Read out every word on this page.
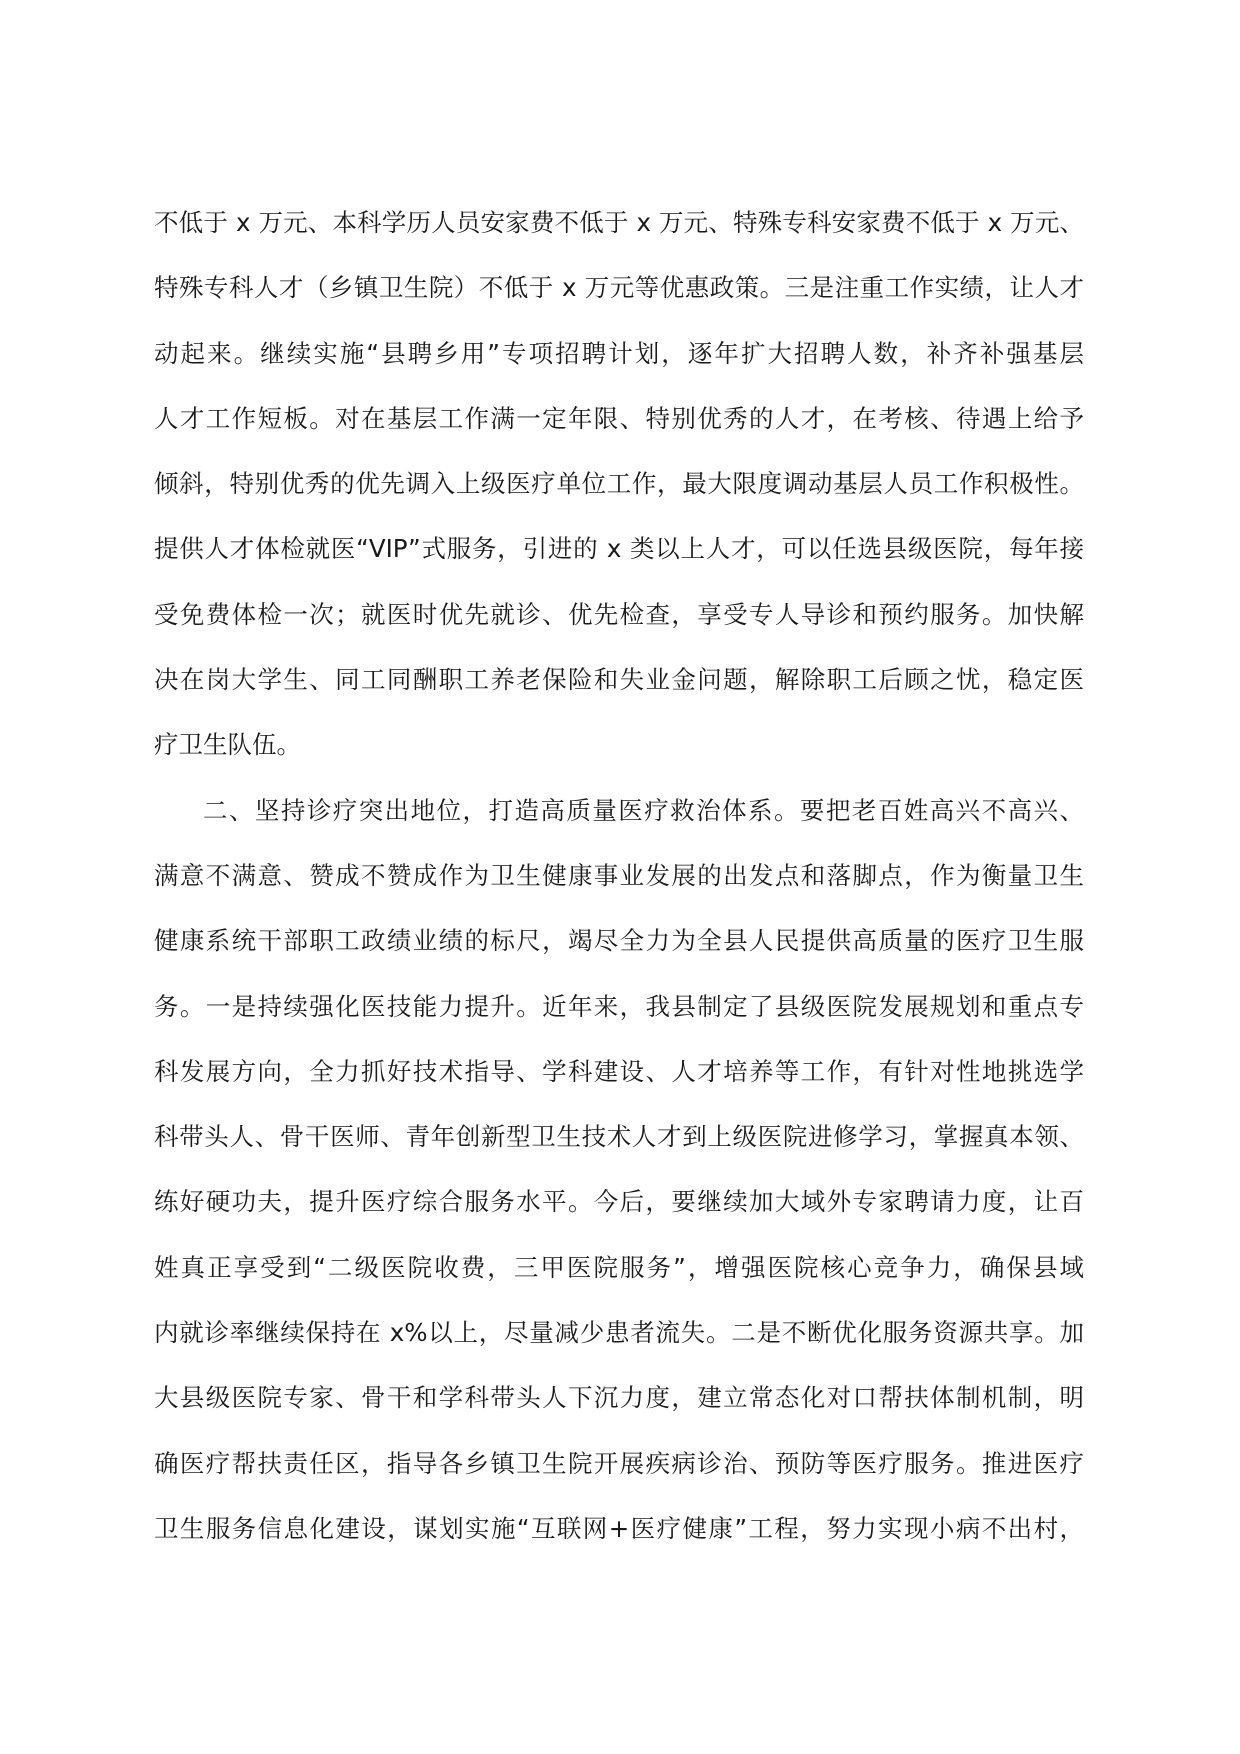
不低于 x 万元、本科学历人员安家费不低于 x 万元、特殊专科安家费不低于 x 万元、
特殊专科人才（乡镇卫生院）不低于 x 万元等优惠政策。三是注重工作实绩，让人才
动起来。继续实施“县聘乡用”专项招聘计划，逐年扩大招聘人数，补齐补强基层
人才工作短板。对在基层工作满一定年限、特别优秀的人才，在考核、待遇上给予
倾斜，特别优秀的优先调入上级医疗单位工作，最大限度调动基层人员工作积极性。
提供人才体检就医“VIP”式服务，引进的 x 类以上人才，可以任选县级医院，每年接
受免费体检一次；就医时优先就诊、优先检查，享受专人导诊和预约服务。加快解
决在岗大学生、同工同酬职工养老保险和失业金问题，解除职工后顾之忧，稳定医
疗卫生队伍。
二、坚持诊疗突出地位，打造高质量医疗救治体系。要把老百姓高兴不高兴、
满意不满意、赞成不赞成作为卫生健康事业发展的出发点和落脚点，作为衡量卫生
健康系统干部职工政绩业绩的标尺，竭尽全力为全县人民提供高质量的医疗卫生服
务。一是持续强化医技能力提升。近年来，我县制定了县级医院发展规划和重点专
科发展方向，全力抓好技术指导、学科建设、人才培养等工作，有针对性地挑选学
科带头人、骨干医师、青年创新型卫生技术人才到上级医院进修学习，掌握真本领、
练好硬功夫，提升医疗综合服务水平。今后，要继续加大域外专家聘请力度，让百
姓真正享受到“二级医院收费，三甲医院服务”，增强医院核心竞争力，确保县域
内就诊率继续保持在 x%以上，尽量减少患者流失。二是不断优化服务资源共享。加
大县级医院专家、骨干和学科带头人下沉力度，建立常态化对口帮扶体制机制，明
确医疗帮扶责任区，指导各乡镇卫生院开展疾病诊治、预防等医疗服务。推进医疗
卫生服务信息化建设，谋划实施“互联网+医疗健康”工程，努力实现小病不出村，
